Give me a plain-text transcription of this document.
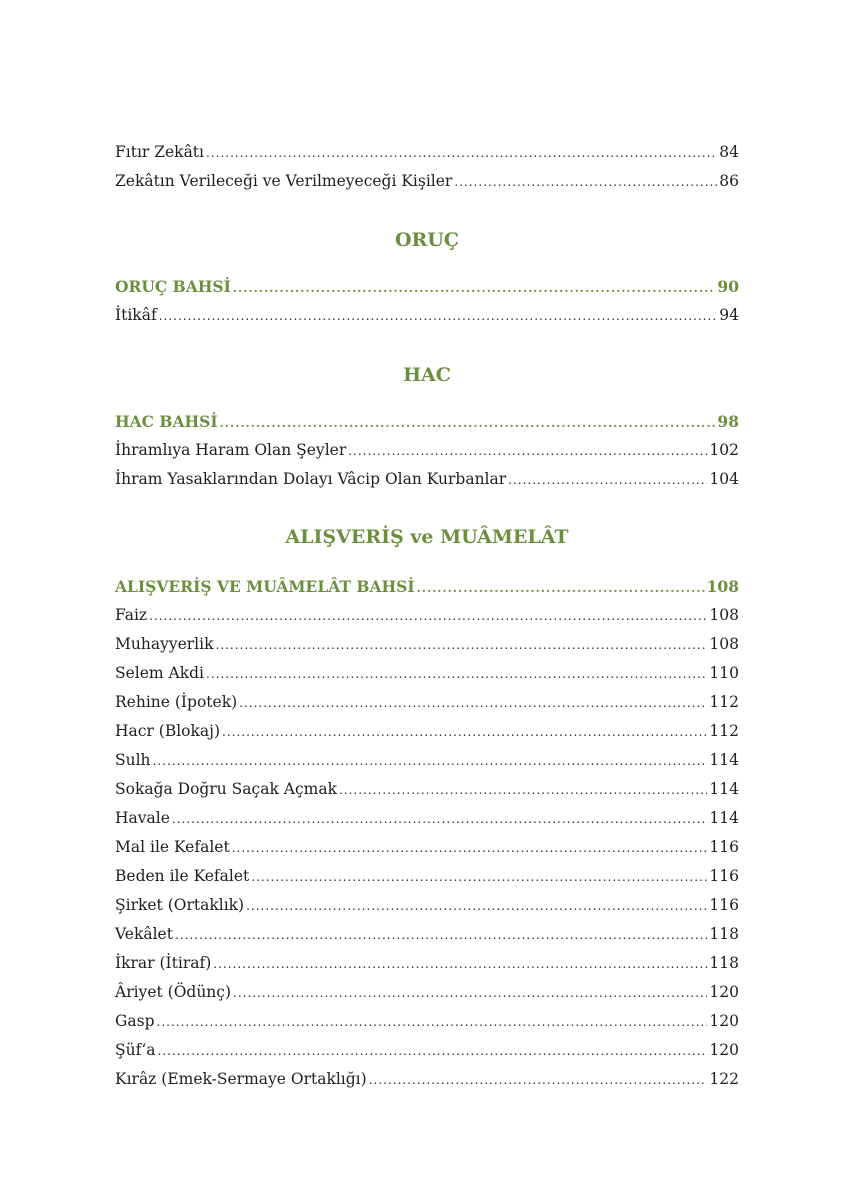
Fıtır Zekâtı .....	84
Zekâtın Verileceği ve Verilmeyeceği Kişiler .....	86
ORUÇ
ORUÇ BAHSİ .....	90
İtikâf .....	94
HAC
HAC BAHSİ .....	98
İhramlıya Haram Olan Şeyler .....	102
İhram Yasaklarından Dolayı Vâcip Olan Kurbanlar .....	104
ALIŞVERİŞ ve MUÂMELÂT
ALIŞVERİŞ VE MUÂMELÂT BAHSİ .....	108
Faiz .....	108
Muhayyerlik .....	108
Selem Akdi .....	110
Rehine (İpotek) .....	112
Hacr (Blokaj) .....	112
Sulh .....	114
Sokağa Doğru Saçak Açmak .....	114
Havale .....	114
Mal ile Kefalet .....	116
Beden ile Kefalet .....	116
Şirket (Ortaklık) .....	116
Vekâlet .....	118
İkrar (İtiraf) .....	118
Âriyet (Ödünç) .....	120
Gasp .....	120
Şüf‘a .....	120
Kırâz (Emek-Sermaye Ortaklığı) .....	122
